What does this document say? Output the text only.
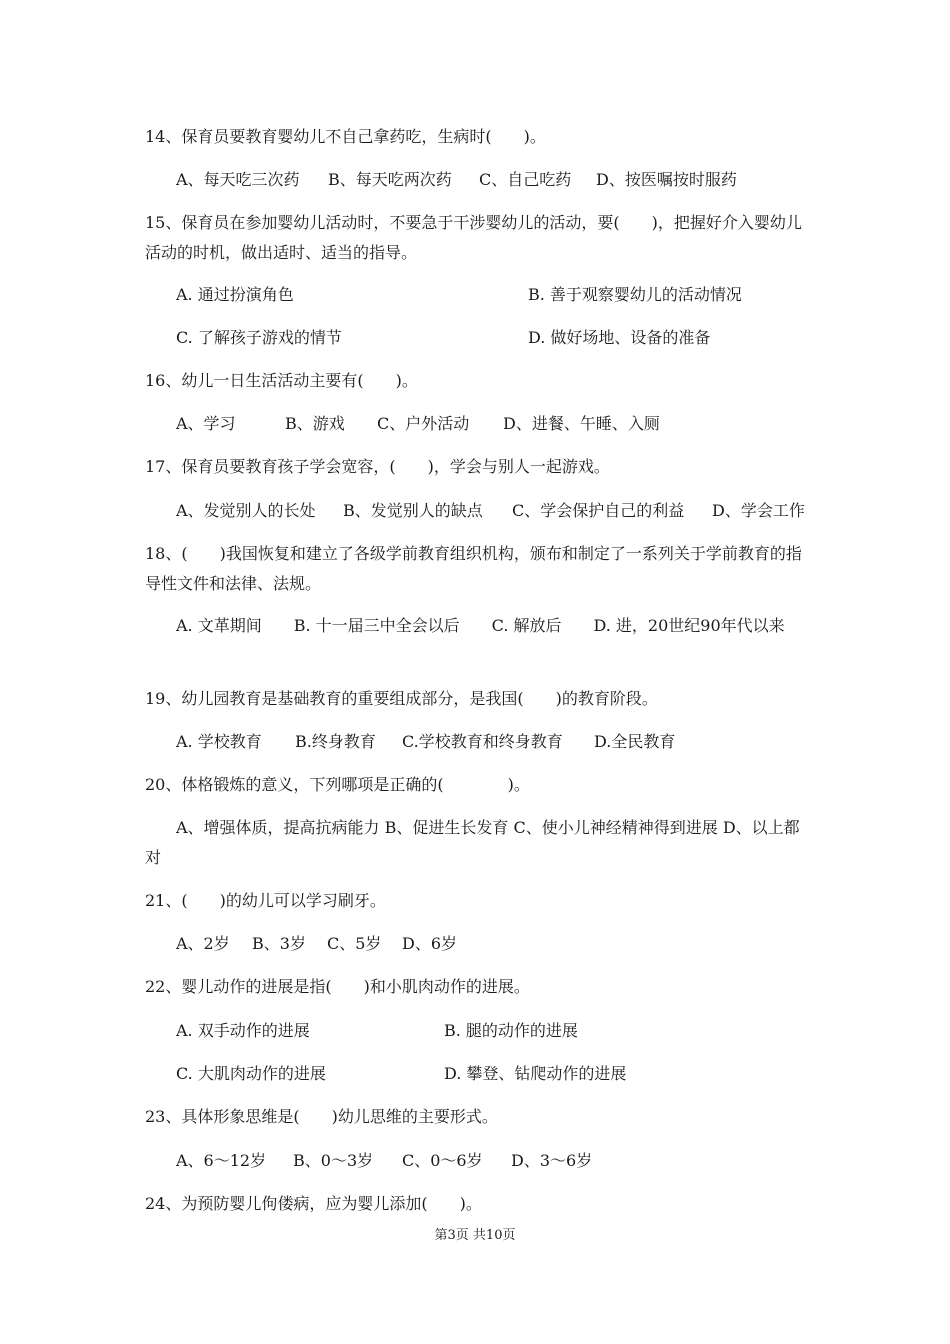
14、保育员要教育婴幼儿不自己拿药吃，生病时(　　)。
A、每天吃三次药 B、每天吃两次药 C、自己吃药 D、按医嘱按时服药
15、保育员在参加婴幼儿活动时，不要急于干涉婴幼儿的活动，要(　　)，把握好介入婴幼儿活动的时机，做出适时、适当的指导。
A. 通过扮演角色	B. 善于观察婴幼儿的活动情况
C. 了解孩子游戏的情节	D. 做好场地、设备的准备
16、幼儿一日生活活动主要有(　　)。
A、学习	B、游戏 C、户外活动 D、进餐、午睡、入厕
17、保育员要教育孩子学会宽容，(　　)，学会与别人一起游戏。
A、发觉别人的长处 B、发觉别人的缺点 C、学会保护自己的利益 D、学会工作
18、(　　)我国恢复和建立了各级学前教育组织机构，颁布和制定了一系列关于学前教育的指导性文件和法律、法规。
A. 文革期间　　B. 十一届三中全会以后　　C. 解放后　　D. 进，20世纪90年代以来
19、幼儿园教育是基础教育的重要组成部分，是我国(　　)的教育阶段。
A. 学校教育 B.终身教育 C.学校教育和终身教育 D.全民教育
20、体格锻炼的意义，下列哪项是正确的(　　　　)。
A、增强体质，提高抗病能力 B、促进生长发育 C、使小儿神经精神得到进展 D、以上都对
21、(　　)的幼儿可以学习刷牙。
A、2岁 B、3岁 C、5岁 D、6岁
22、婴儿动作的进展是指(　　)和小肌肉动作的进展。
A. 双手动作的进展	B. 腿的动作的进展
C. 大肌肉动作的进展	D. 攀登、钻爬动作的进展
23、具体形象思维是(　　)幼儿思维的主要形式。
A、6～12岁 B、0～3岁 C、0～6岁 D、3～6岁
24、为预防婴儿佝偻病，应为婴儿添加(　　)。
第3页 共10页
